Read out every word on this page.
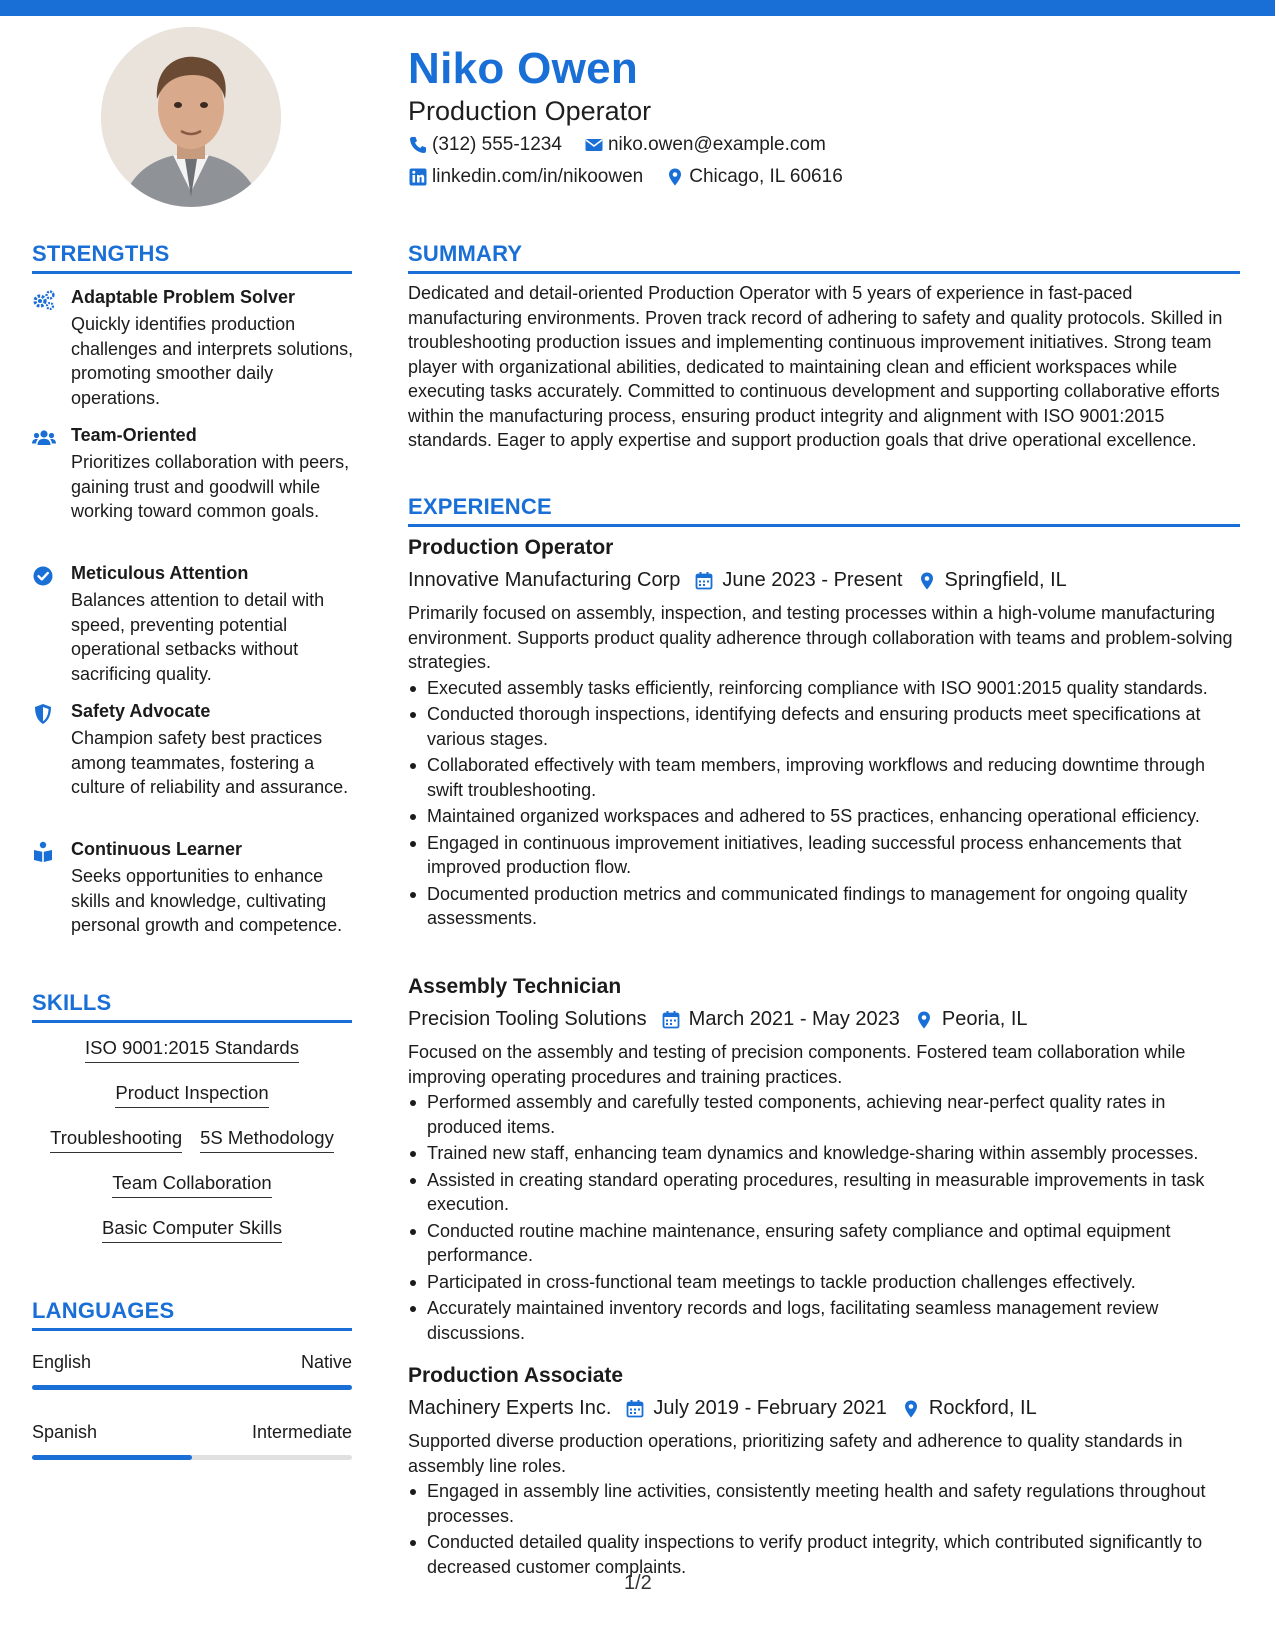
Niko Owen
Production Operator
(312) 555-1234 niko.owen@example.com
linkedin.com/in/nikoowen Chicago, IL 60616
STRENGTHS
Adaptable Problem Solver
Quickly identifies production challenges and interprets solutions, promoting smoother daily operations.
Team-Oriented
Prioritizes collaboration with peers, gaining trust and goodwill while working toward common goals.
Meticulous Attention
Balances attention to detail with speed, preventing potential operational setbacks without sacrificing quality.
Safety Advocate
Champion safety best practices among teammates, fostering a culture of reliability and assurance.
Continuous Learner
Seeks opportunities to enhance skills and knowledge, cultivating personal growth and competence.
SKILLS
ISO 9001:2015 Standards
Product Inspection
Troubleshooting 5S Methodology
Team Collaboration
Basic Computer Skills
LANGUAGES
English	Native
Spanish	Intermediate
SUMMARY
Dedicated and detail-oriented Production Operator with 5 years of experience in fast-paced manufacturing environments. Proven track record of adhering to safety and quality protocols. Skilled in troubleshooting production issues and implementing continuous improvement initiatives. Strong team player with organizational abilities, dedicated to maintaining clean and efficient workspaces while executing tasks accurately. Committed to continuous development and supporting collaborative efforts within the manufacturing process, ensuring product integrity and alignment with ISO 9001:2015 standards. Eager to apply expertise and support production goals that drive operational excellence.
EXPERIENCE
Production Operator
Innovative Manufacturing Corp June 2023 - Present Springfield, IL
Primarily focused on assembly, inspection, and testing processes within a high-volume manufacturing environment. Supports product quality adherence through collaboration with teams and problem-solving strategies.
Executed assembly tasks efficiently, reinforcing compliance with ISO 9001:2015 quality standards.
Conducted thorough inspections, identifying defects and ensuring products meet specifications at various stages.
Collaborated effectively with team members, improving workflows and reducing downtime through swift troubleshooting.
Maintained organized workspaces and adhered to 5S practices, enhancing operational efficiency.
Engaged in continuous improvement initiatives, leading successful process enhancements that improved production flow.
Documented production metrics and communicated findings to management for ongoing quality assessments.
Assembly Technician
Precision Tooling Solutions March 2021 - May 2023 Peoria, IL
Focused on the assembly and testing of precision components. Fostered team collaboration while improving operating procedures and training practices.
Performed assembly and carefully tested components, achieving near-perfect quality rates in produced items.
Trained new staff, enhancing team dynamics and knowledge-sharing within assembly processes.
Assisted in creating standard operating procedures, resulting in measurable improvements in task execution.
Conducted routine machine maintenance, ensuring safety compliance and optimal equipment performance.
Participated in cross-functional team meetings to tackle production challenges effectively.
Accurately maintained inventory records and logs, facilitating seamless management review discussions.
Production Associate
Machinery Experts Inc. July 2019 - February 2021 Rockford, IL
Supported diverse production operations, prioritizing safety and adherence to quality standards in assembly line roles.
Engaged in assembly line activities, consistently meeting health and safety regulations throughout processes.
Conducted detailed quality inspections to verify product integrity, which contributed significantly to decreased customer complaints.
1/2
